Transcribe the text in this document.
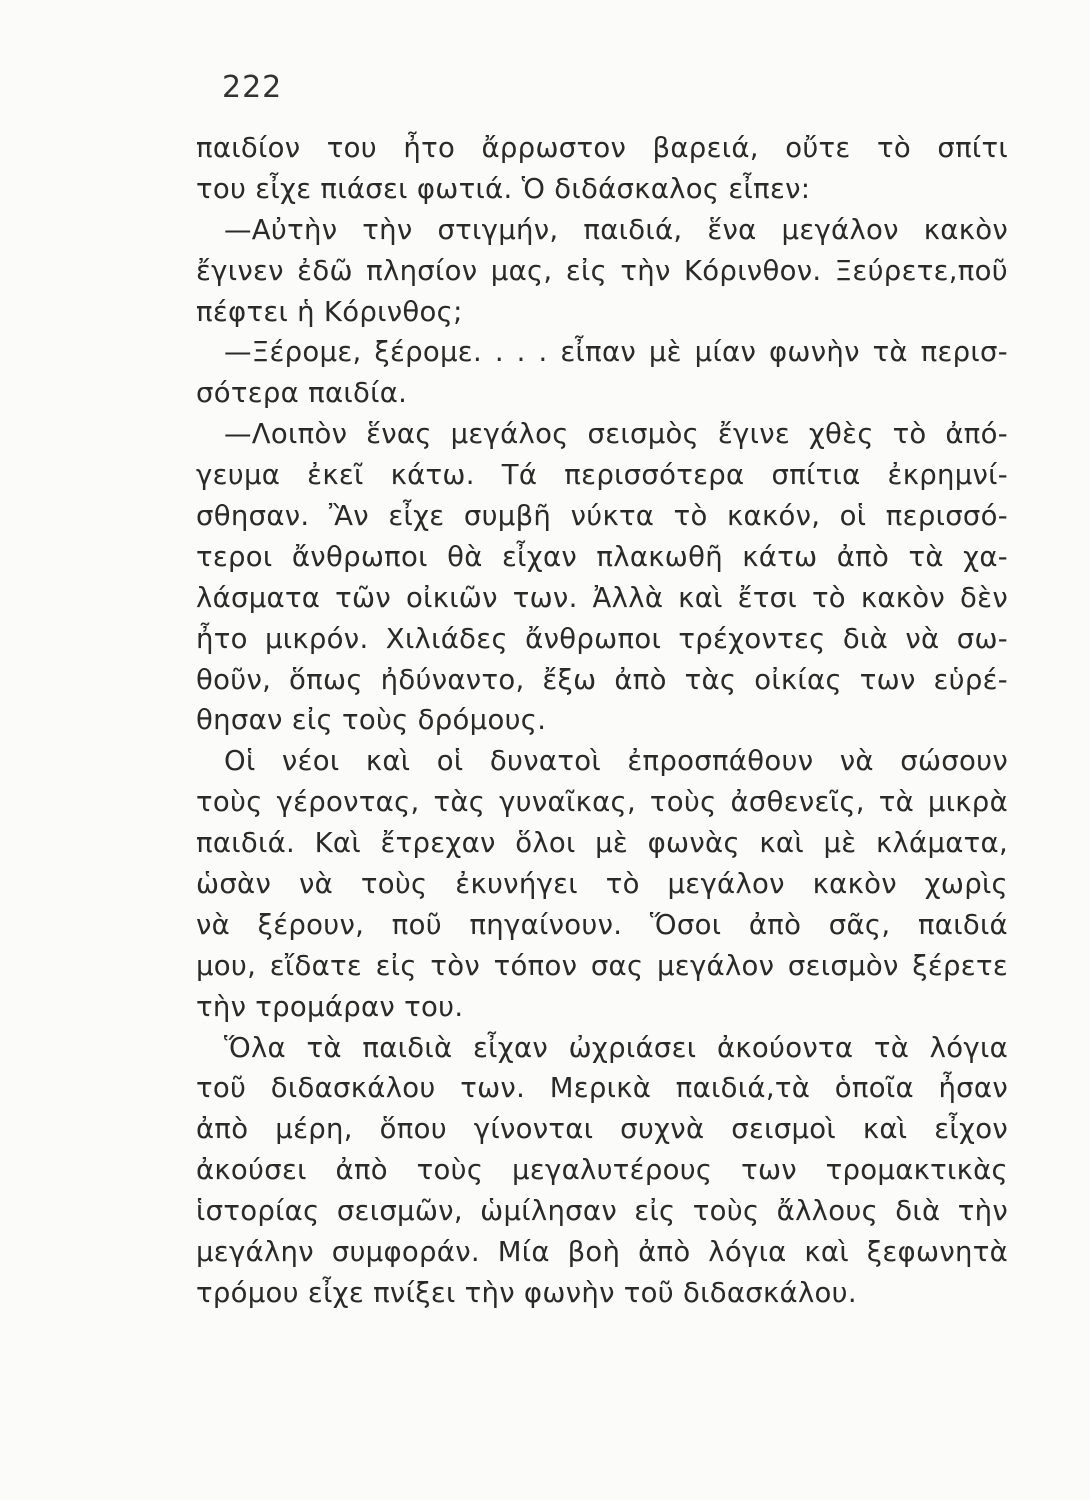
222
παιδίον του ἦτο ἄρρωστον βαρειά, οὔτε τὸ σπίτι
του εἶχε πιάσει φωτιά. Ὁ διδάσκαλος εἶπεν:
—Αὐτὴν τὴν στιγμήν, παιδιά, ἕνα μεγάλον κακὸν
ἔγινεν ἐδῶ πλησίον μας, εἰς τὴν Κόρινθον. Ξεύρετε,ποῦ
πέφτει ἡ Κόρινθος;
—Ξέρομε, ξέρομε. . . . εἶπαν μὲ μίαν φωνὴν τὰ περισ-
σότερα παιδία.
—Λοιπὸν ἕνας μεγάλος σεισμὸς ἔγινε χθὲς τὸ ἀπό-
γευμα ἐκεῖ κάτω. Τά περισσότερα σπίτια ἐκρημνί-
σθησαν. Ἂν εἶχε συμβῆ νύκτα τὸ κακόν, οἱ περισσό-
τεροι ἄνθρωποι θὰ εἶχαν πλακωθῆ κάτω ἀπὸ τὰ χα-
λάσματα τῶν οἰκιῶν των. Ἀλλὰ καὶ ἔτσι τὸ κακὸν δὲν
ἦτο μικρόν. Χιλιάδες ἄνθρωποι τρέχοντες διὰ νὰ σω-
θοῦν, ὅπως ἠδύναντο, ἔξω ἀπὸ τὰς οἰκίας των εὑρέ-
θησαν εἰς τοὺς δρόμους.
Οἱ νέοι καὶ οἱ δυνατοὶ ἐπροσπάθουν νὰ σώσουν
τοὺς γέροντας, τὰς γυναῖκας, τοὺς ἀσθενεῖς, τὰ μικρὰ
παιδιά. Καὶ ἔτρεχαν ὅλοι μὲ φωνὰς καὶ μὲ κλάματα,
ὡσὰν νὰ τοὺς ἐκυνήγει τὸ μεγάλον κακὸν χωρὶς
νὰ ξέρουν, ποῦ πηγαίνουν. Ὅσοι ἀπὸ σᾶς, παιδιά
μου, εἴδατε εἰς τὸν τόπον σας μεγάλον σεισμὸν ξέρετε
τὴν τρομάραν του.
Ὅλα τὰ παιδιὰ εἶχαν ὠχριάσει ἀκούοντα τὰ λόγια
τοῦ διδασκάλου των. Μερικὰ παιδιά,τὰ ὁποῖα ἦσαν
ἀπὸ μέρη, ὅπου γίνονται συχνὰ σεισμοὶ καὶ εἶχον
ἀκούσει ἀπὸ τοὺς μεγαλυτέρους των τρομακτικὰς
ἱστορίας σεισμῶν, ὡμίλησαν εἰς τοὺς ἄλλους διὰ τὴν
μεγάλην συμφοράν. Μία βοὴ ἀπὸ λόγια καὶ ξεφωνητὰ
τρόμου εἶχε πνίξει τὴν φωνὴν τοῦ διδασκάλου.
